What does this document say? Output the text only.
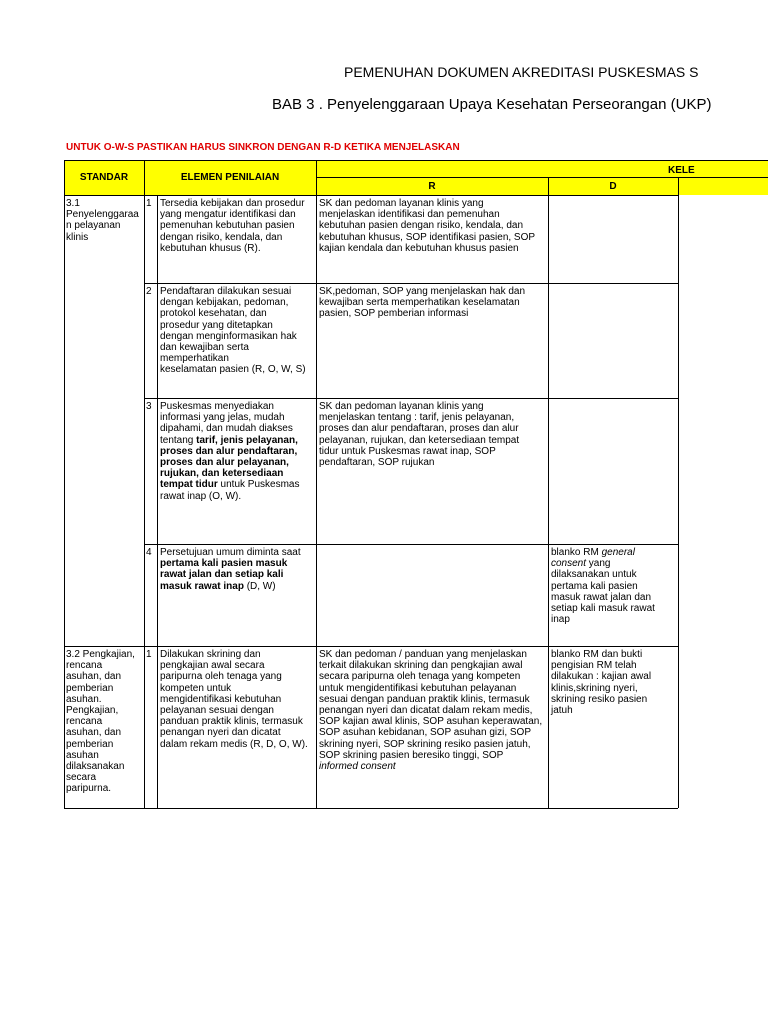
PEMENUHAN DOKUMEN AKREDITASI PUSKESMAS S
BAB 3 . Penyelenggaraan Upaya Kesehatan Perseorangan (UKP)
UNTUK O-W-S PASTIKAN HARUS SINKRON DENGAN R-D KETIKA MENJELASKAN
STANDAR	ELEMEN PENILAIAN
KELE
R	D
3.1
Penyelenggaraa
n pelayanan
klinis
1 Tersedia kebijakan dan prosedur
yang mengatur identifikasi dan
pemenuhan kebutuhan pasien
dengan risiko, kendala, dan
kebutuhan khusus (R).
SK dan pedoman layanan klinis yang
menjelaskan identifikasi dan pemenuhan
kebutuhan pasien dengan risiko, kendala, dan
kebutuhan khusus, SOP identifikasi pasien, SOP
kajian kendala dan kebutuhan khusus pasien
2 Pendaftaran dilakukan sesuai
dengan kebijakan, pedoman,
protokol kesehatan, dan
prosedur yang ditetapkan
dengan menginformasikan hak
dan kewajiban serta
memperhatikan
keselamatan pasien (R, O, W, S)
SK,pedoman, SOP yang menjelaskan hak dan
kewajiban serta memperhatikan keselamatan
pasien, SOP pemberian informasi
3 Puskesmas menyediakan
informasi yang jelas, mudah
dipahami, dan mudah diakses
tentang tarif, jenis pelayanan,
proses dan alur pendaftaran,
proses dan alur pelayanan,
rujukan, dan ketersediaan
tempat tidur untuk Puskesmas
rawat inap (O, W).
SK dan pedoman layanan klinis yang
menjelaskan tentang : tarif, jenis pelayanan,
proses dan alur pendaftaran, proses dan alur
pelayanan, rujukan, dan ketersediaan tempat
tidur untuk Puskesmas rawat inap, SOP
pendaftaran, SOP rujukan
4 Persetujuan umum diminta saat
pertama kali pasien masuk
rawat jalan dan setiap kali
masuk rawat inap (D, W)
blanko RM general
consent yang
dilaksanakan untuk
pertama kali pasien
masuk rawat jalan dan
setiap kali masuk rawat
inap
3.2 Pengkajian,
rencana
asuhan, dan
pemberian
asuhan.
Pengkajian,
rencana
asuhan, dan
pemberian
asuhan
dilaksanakan
secara
paripurna.
1 Dilakukan skrining dan
pengkajian awal secara
paripurna oleh tenaga yang
kompeten untuk
mengidentifikasi kebutuhan
pelayanan sesuai dengan
panduan praktik klinis, termasuk
penangan nyeri dan dicatat
dalam rekam medis (R, D, O, W).
SK dan pedoman / panduan yang menjelaskan
terkait dilakukan skrining dan pengkajian awal
secara paripurna oleh tenaga yang kompeten
untuk mengidentifikasi kebutuhan pelayanan
sesuai dengan panduan praktik klinis, termasuk
penangan nyeri dan dicatat dalam rekam medis,
SOP kajian awal klinis, SOP asuhan keperawatan,
SOP asuhan kebidanan, SOP asuhan gizi, SOP
skrining nyeri, SOP skrining resiko pasien jatuh,
SOP skrining pasien beresiko tinggi, SOP
informed consent
blanko RM dan bukti
pengisian RM telah
dilakukan : kajian awal
klinis,skrining nyeri,
skrining resiko pasien
jatuh
